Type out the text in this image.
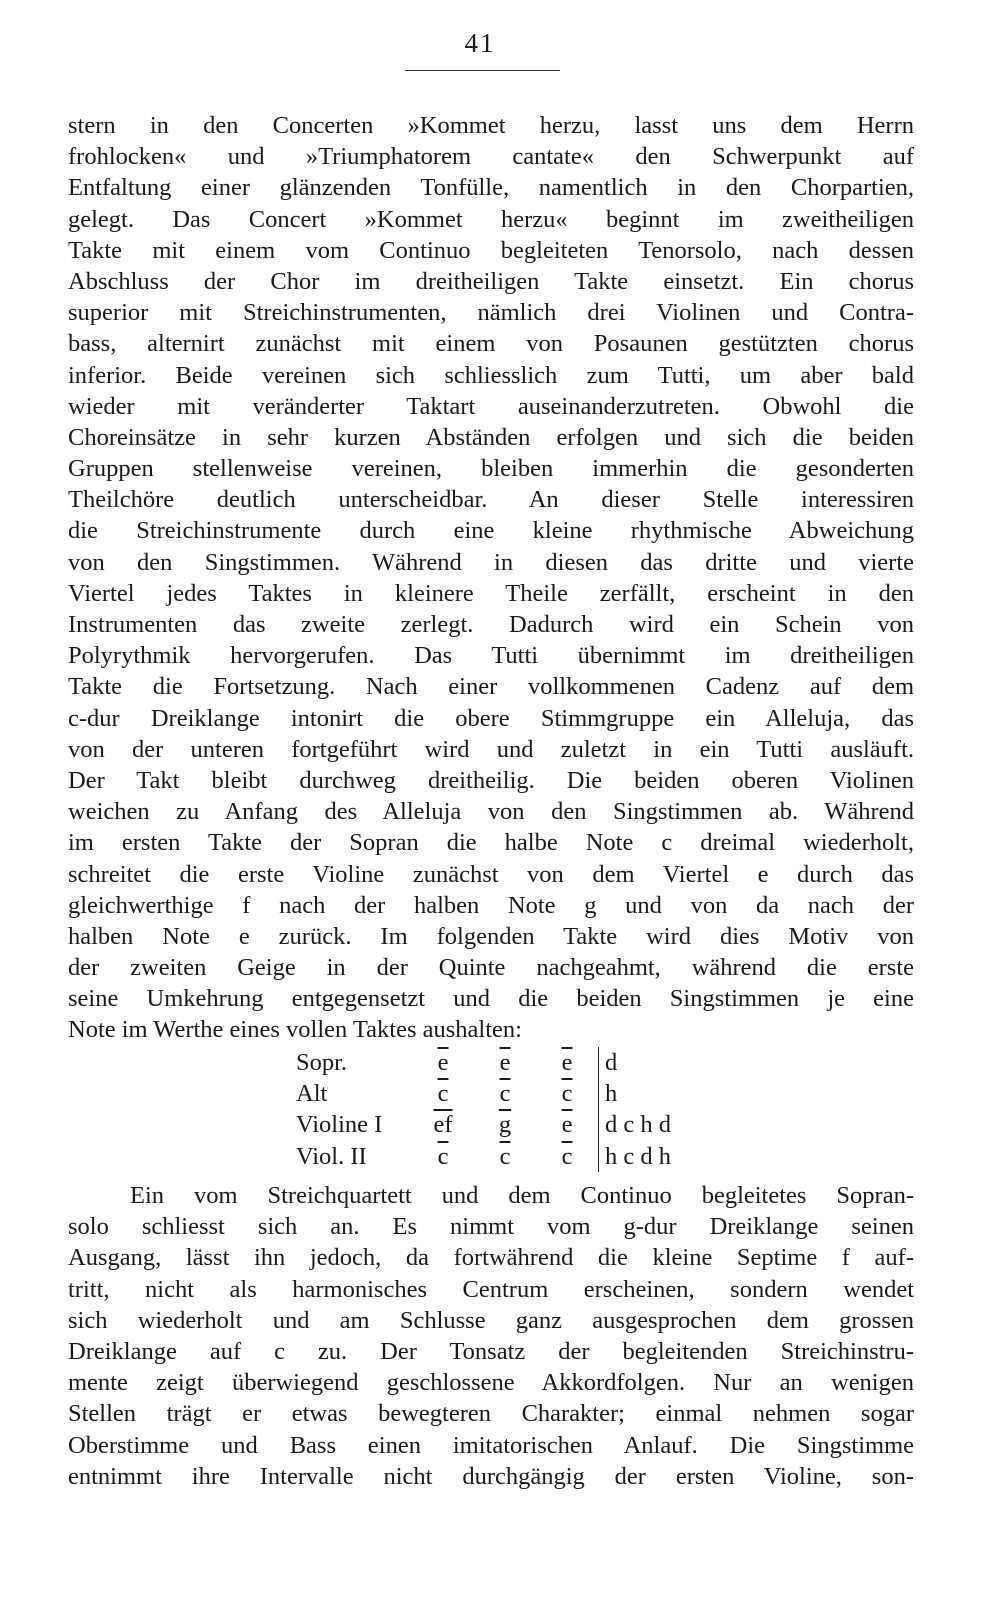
41
stern in den Concerten »Kommet herzu, lasst uns dem Herrn
frohlocken« und »Triumphatorem cantate« den Schwerpunkt auf
Entfaltung einer glänzenden Tonfülle, namentlich in den Chorpartien,
gelegt. Das Concert »Kommet herzu« beginnt im zweitheiligen
Takte mit einem vom Continuo begleiteten Tenorsolo, nach dessen
Abschluss der Chor im dreitheiligen Takte einsetzt. Ein chorus
superior mit Streichinstrumenten, nämlich drei Violinen und Contra-
bass, alternirt zunächst mit einem von Posaunen gestützten chorus
inferior. Beide vereinen sich schliesslich zum Tutti, um aber bald
wieder mit veränderter Taktart auseinanderzutreten. Obwohl die
Choreinsätze in sehr kurzen Abständen erfolgen und sich die beiden
Gruppen stellenweise vereinen, bleiben immerhin die gesonderten
Theilchöre deutlich unterscheidbar. An dieser Stelle interessiren
die Streichinstrumente durch eine kleine rhythmische Abweichung
von den Singstimmen. Während in diesen das dritte und vierte
Viertel jedes Taktes in kleinere Theile zerfällt, erscheint in den
Instrumenten das zweite zerlegt. Dadurch wird ein Schein von
Polyrythmik hervorgerufen. Das Tutti übernimmt im dreitheiligen
Takte die Fortsetzung. Nach einer vollkommenen Cadenz auf dem
c-dur Dreiklange intonirt die obere Stimmgruppe ein Alleluja, das
von der unteren fortgeführt wird und zuletzt in ein Tutti ausläuft.
Der Takt bleibt durchweg dreitheilig. Die beiden oberen Violinen
weichen zu Anfang des Alleluja von den Singstimmen ab. Während
im ersten Takte der Sopran die halbe Note c dreimal wiederholt,
schreitet die erste Violine zunächst von dem Viertel e durch das
gleichwerthige f nach der halben Note g und von da nach der
halben Note e zurück. Im folgenden Takte wird dies Motiv von
der zweiten Geige in der Quinte nachgeahmt, während die erste
seine Umkehrung entgegensetzt und die beiden Singstimmen je eine
Note im Werthe eines vollen Taktes aushalten:
Sopr.	$\overline{e}$	$\overline{e}$	$\overline{e}$	d
Alt	$\overline{c}$	$\overline{c}$	$\overline{c}$	h
Violine I	$\overline{ef}$	$\overline{g}$	$\overline{e}$	d c h d
Viol. II	$\overline{c}$	$\overline{c}$	$\overline{c}$	h c d h
Ein vom Streichquartett und dem Continuo begleitetes Sopran-
solo schliesst sich an. Es nimmt vom g-dur Dreiklange seinen
Ausgang, lässt ihn jedoch, da fortwährend die kleine Septime f auf-
tritt, nicht als harmonisches Centrum erscheinen, sondern wendet
sich wiederholt und am Schlusse ganz ausgesprochen dem grossen
Dreiklange auf c zu. Der Tonsatz der begleitenden Streichinstru-
mente zeigt überwiegend geschlossene Akkordfolgen. Nur an wenigen
Stellen trägt er etwas bewegteren Charakter; einmal nehmen sogar
Oberstimme und Bass einen imitatorischen Anlauf. Die Singstimme
entnimmt ihre Intervalle nicht durchgängig der ersten Violine, son-
